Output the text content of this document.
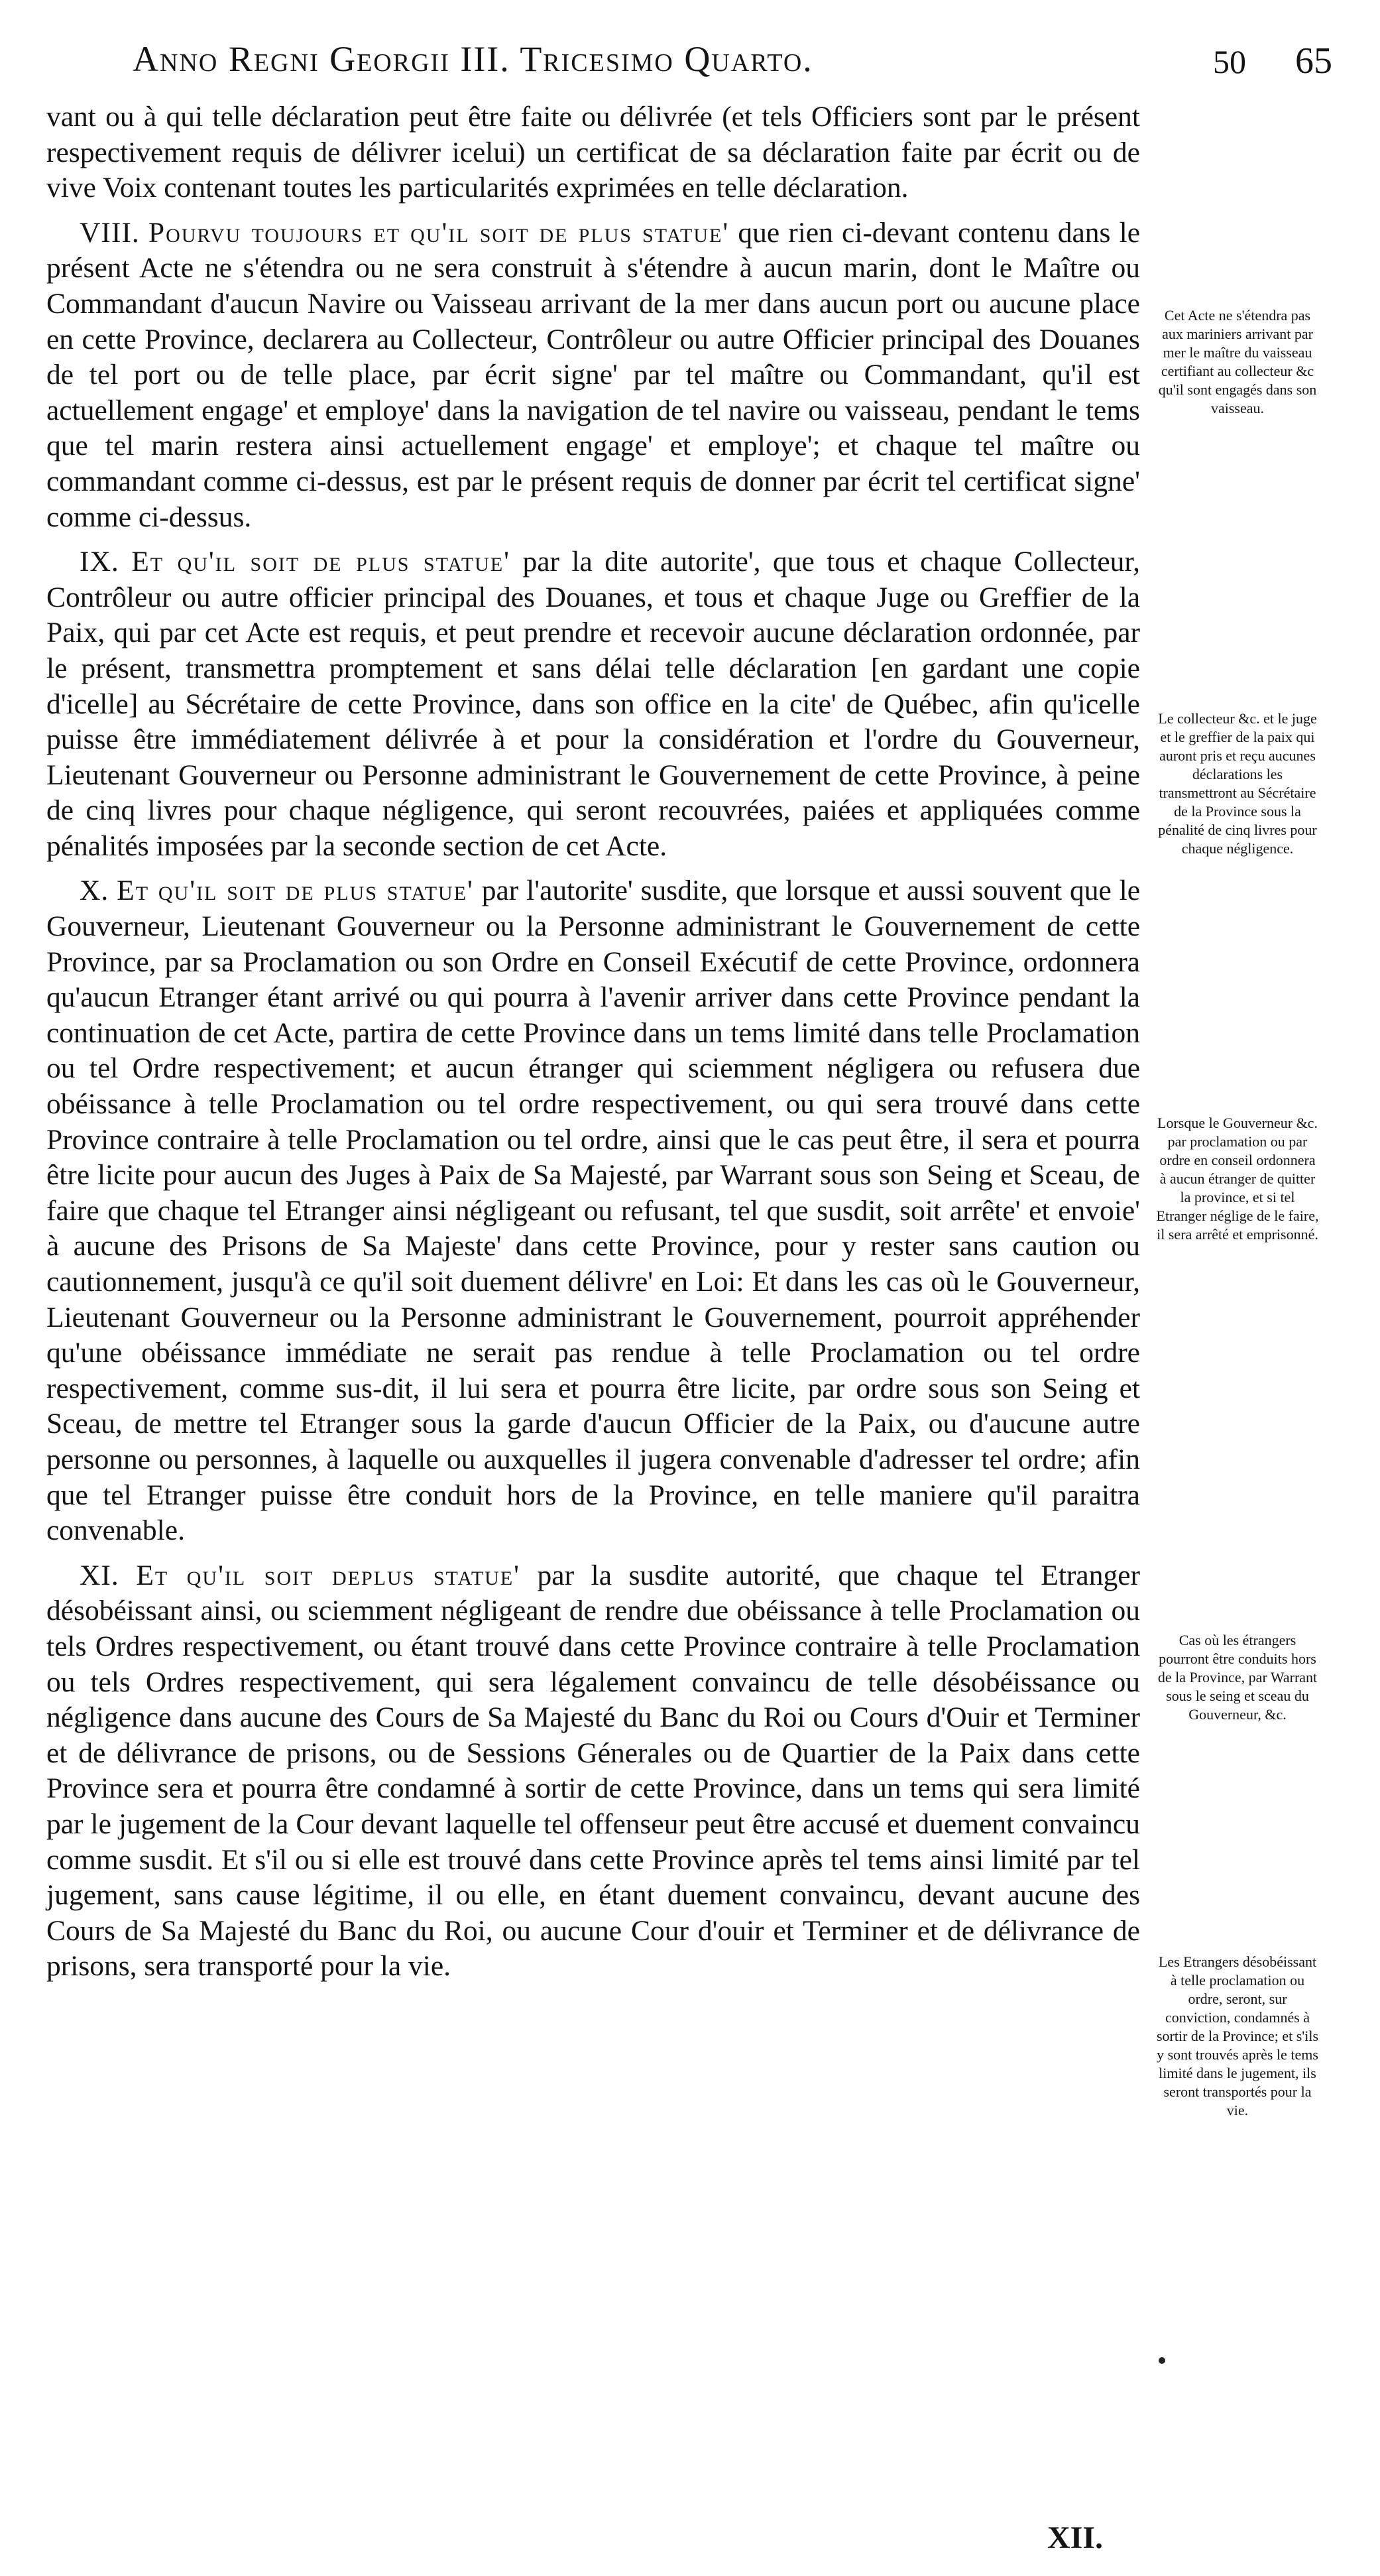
Anno Regni Georgii III. Tricesimo Quarto.	50 65

vant ou à qui telle déclaration peut être faite ou délivrée (et tels Officiers sont par le présent respectivement requis de délivrer icelui) un certificat de sa déclaration faite par écrit ou de vive Voix contenant toutes les particularités exprimées en telle déclaration.

VIII. Pourvu toujours et qu'il soit de plus statue' que rien ci-devant contenu dans le présent Acte ne s'étendra ou ne sera construit à s'étendre à aucun marin, dont le Maître ou Commandant d'aucun Navire ou Vaisseau arrivant de la mer dans aucun port ou aucune place en cette Province, declarera au Collecteur, Contrôleur ou autre Officier principal des Douanes de tel port ou de telle place, par écrit signe' par tel maître ou Commandant, qu'il est actuellement engage' et employe' dans la navigation de tel navire ou vaisseau, pendant le tems que tel marin restera ainsi actuellement engage' et employe'; et chaque tel maître ou commandant comme ci-dessus, est par le présent requis de donner par écrit tel certificat signe' comme ci-dessus.

IX. Et qu'il soit de plus statue' par la dite autorite', que tous et chaque Collecteur, Contrôleur ou autre officier principal des Douanes, et tous et chaque Juge ou Greffier de la Paix, qui par cet Acte est requis, et peut prendre et recevoir aucune déclaration ordonnée, par le présent, transmettra promptement et sans délai telle déclaration [en gardant une copie d'icelle] au Sécrétaire de cette Province, dans son office en la cite' de Québec, afin qu'icelle puisse être immédiatement délivrée à et pour la considération et l'ordre du Gouverneur, Lieutenant Gouverneur ou Personne administrant le Gouvernement de cette Province, à peine de cinq livres pour chaque négligence, qui seront recouvrées, paiées et appliquées comme pénalités imposées par la seconde section de cet Acte.

X. Et qu'il soit de plus statue' par l'autorite' susdite, que lorsque et aussi souvent que le Gouverneur, Lieutenant Gouverneur ou la Personne administrant le Gouvernement de cette Province, par sa Proclamation ou son Ordre en Conseil Exécutif de cette Province, ordonnera qu'aucun Etranger étant arrivé ou qui pourra à l'avenir arriver dans cette Province pendant la continuation de cet Acte, partira de cette Province dans un tems limité dans telle Proclamation ou tel Ordre respectivement; et aucun étranger qui sciemment négligera ou refusera due obéissance à telle Proclamation ou tel ordre respectivement, ou qui sera trouvé dans cette Province contraire à telle Proclamation ou tel ordre, ainsi que le cas peut être, il sera et pourra être licite pour aucun des Juges à Paix de Sa Majesté, par Warrant sous son Seing et Sceau, de faire que chaque tel Etranger ainsi négligeant ou refusant, tel que susdit, soit arrête' et envoie' à aucune des Prisons de Sa Majeste' dans cette Province, pour y rester sans caution ou cautionnement, jusqu'à ce qu'il soit duement délivre' en Loi: Et dans les cas où le Gouverneur, Lieutenant Gouverneur ou la Personne administrant le Gouvernement, pourroit appréhender qu'une obéissance immédiate ne serait pas rendue à telle Proclamation ou tel ordre respectivement, comme sus-dit, il lui sera et pourra être licite, par ordre sous son Seing et Sceau, de mettre tel Etranger sous la garde d'aucun Officier de la Paix, ou d'aucune autre personne ou personnes, à laquelle ou auxquelles il jugera convenable d'adresser tel ordre; afin que tel Etranger puisse être conduit hors de la Province, en telle maniere qu'il paraitra convenable.

XI. Et qu'il soit deplus statue' par la susdite autorité, que chaque tel Etranger désobéissant ainsi, ou sciemment négligeant de rendre due obéissance à telle Proclamation ou tels Ordres respectivement, ou étant trouvé dans cette Province contraire à telle Proclamation ou tels Ordres respectivement, qui sera légalement convaincu de telle désobéissance ou négligence dans aucune des Cours de Sa Majesté du Banc du Roi ou Cours d'Ouir et Terminer et de délivrance de prisons, ou de Sessions Génerales ou de Quartier de la Paix dans cette Province sera et pourra être condamné à sortir de cette Province, dans un tems qui sera limité par le jugement de la Cour devant laquelle tel offenseur peut être accusé et duement convaincu comme susdit. Et s'il ou si elle est trouvé dans cette Province après tel tems ainsi limité par tel jugement, sans cause légitime, il ou elle, en étant duement convaincu, devant aucune des Cours de Sa Majesté du Banc du Roi, ou aucune Cour d'ouir et Terminer et de délivrance de prisons, sera transporté pour la vie.

Cet Acte ne s'étendra pas aux mariniers arrivant par mer le maître du vaisseau certifiant au collecteur &c qu'il sont engagés dans son vaisseau.
Le collecteur &c. et le juge et le greffier de la paix qui auront pris et reçu aucunes déclarations les transmettront au Sécrétaire de la Province sous la pénalité de cinq livres pour chaque négligence.
Lorsque le Gouverneur &c. par proclamation ou par ordre en conseil ordonnera à aucun étranger de quitter la province, et si tel Etranger néglige de le faire, il sera arrêté et emprisonné.
Cas où les étrangers pourront être conduits hors de la Province, par Warrant sous le seing et sceau du Gouverneur, &c.
Les Etrangers désobéissant à telle proclamation ou ordre, seront, sur conviction, condamnés à sortir de la Province; et s'ils y sont trouvés après le tems limité dans le jugement, ils seront transportés pour la vie.
XII.
